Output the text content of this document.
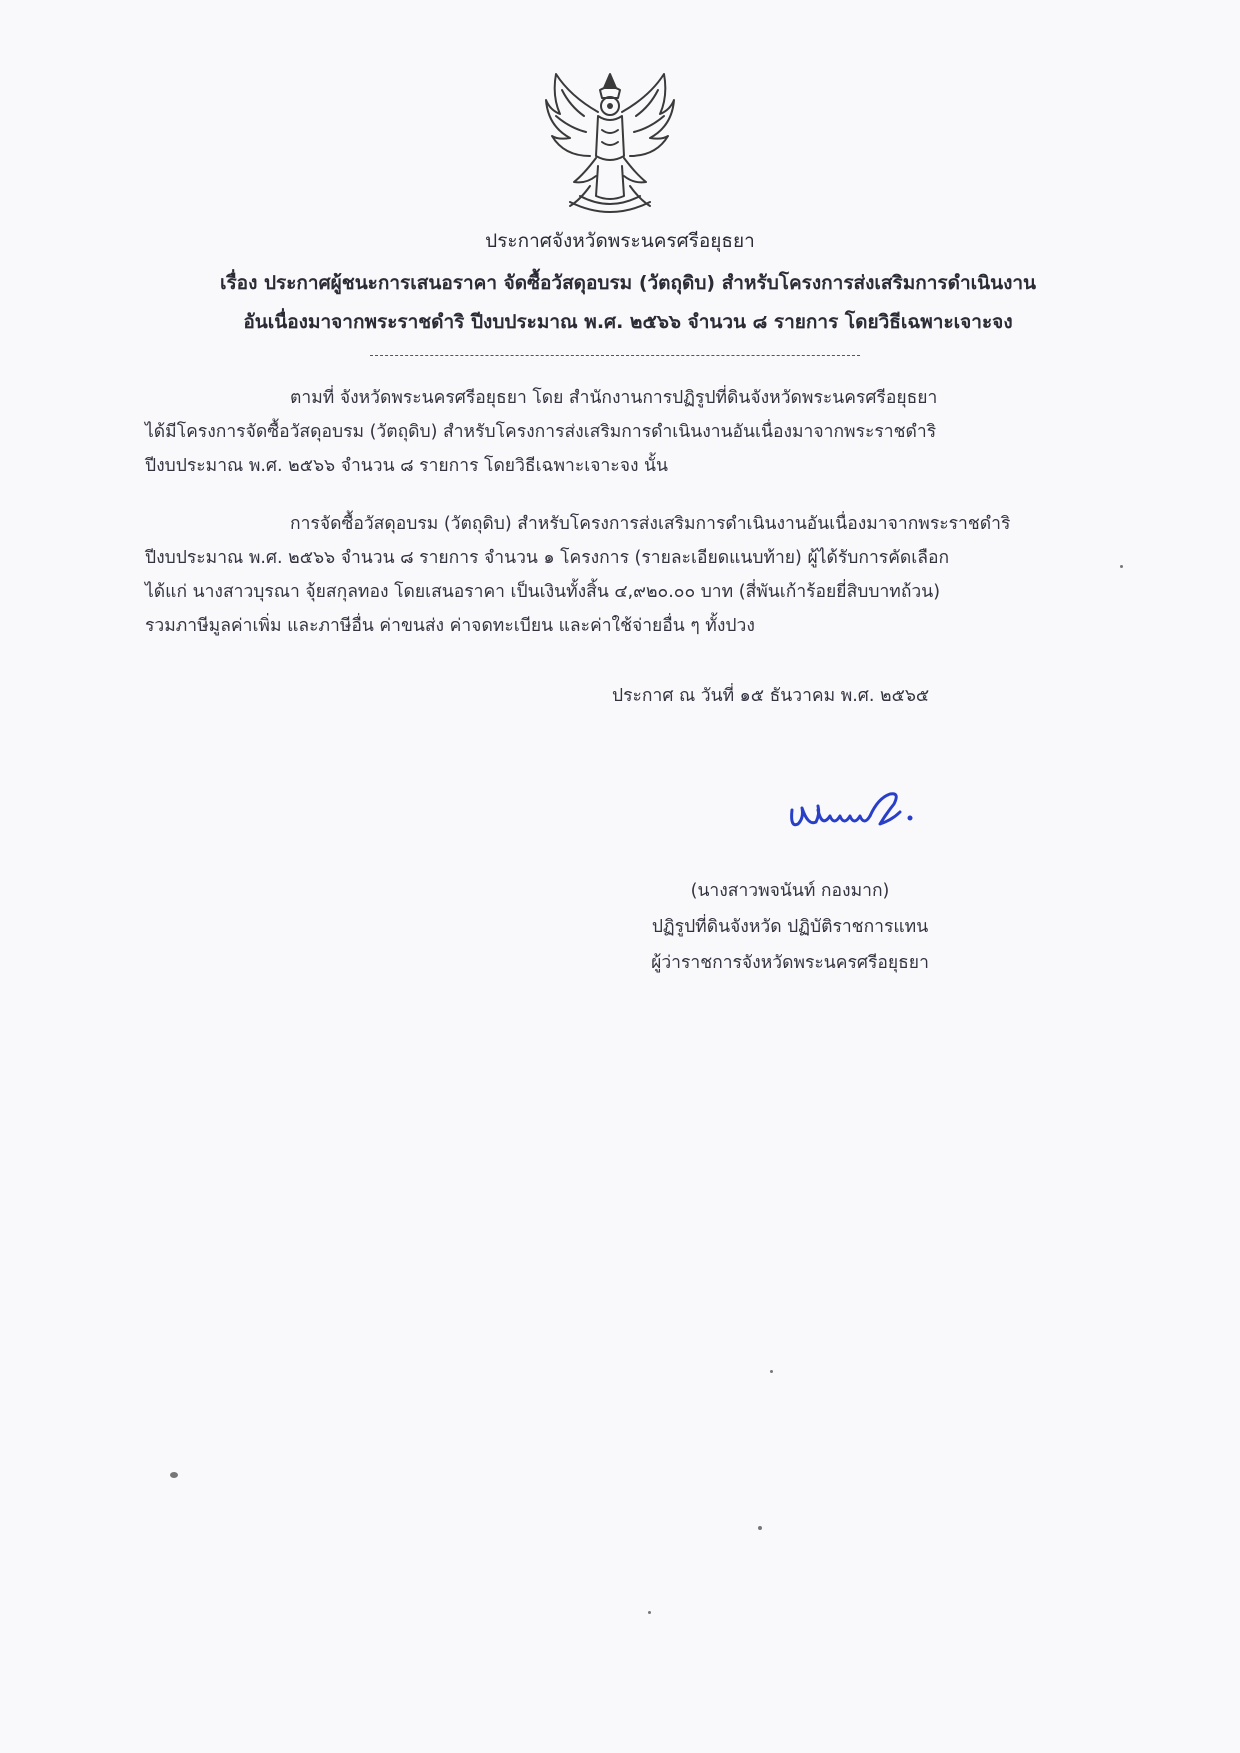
ประกาศจังหวัดพระนครศรีอยุธยา
เรื่อง ประกาศผู้ชนะการเสนอราคา จัดซื้อวัสดุอบรม (วัตถุดิบ) สำหรับโครงการส่งเสริมการดำเนินงาน
อันเนื่องมาจากพระราชดำริ ปีงบประมาณ พ.ศ. ๒๕๖๖ จำนวน ๘ รายการ โดยวิธีเฉพาะเจาะจง
ตามที่ จังหวัดพระนครศรีอยุธยา โดย สำนักงานการปฏิรูปที่ดินจังหวัดพระนครศรีอยุธยา
ได้มีโครงการจัดซื้อวัสดุอบรม (วัตถุดิบ) สำหรับโครงการส่งเสริมการดำเนินงานอันเนื่องมาจากพระราชดำริ
ปีงบประมาณ พ.ศ. ๒๕๖๖ จำนวน ๘ รายการ โดยวิธีเฉพาะเจาะจง นั้น
การจัดซื้อวัสดุอบรม (วัตถุดิบ) สำหรับโครงการส่งเสริมการดำเนินงานอันเนื่องมาจากพระราชดำริ
ปีงบประมาณ พ.ศ. ๒๕๖๖ จำนวน ๘ รายการ จำนวน ๑ โครงการ (รายละเอียดแนบท้าย) ผู้ได้รับการคัดเลือก
ได้แก่ นางสาวบุรณา จุ้ยสกุลทอง โดยเสนอราคา เป็นเงินทั้งสิ้น ๔,๙๒๐.๐๐ บาท (สี่พันเก้าร้อยยี่สิบบาทถ้วน)
รวมภาษีมูลค่าเพิ่ม และภาษีอื่น ค่าขนส่ง ค่าจดทะเบียน และค่าใช้จ่ายอื่น ๆ ทั้งปวง
ประกาศ ณ วันที่ ๑๕ ธันวาคม พ.ศ. ๒๕๖๕
(นางสาวพจนันท์ กองมาก)
ปฏิรูปที่ดินจังหวัด ปฏิบัติราชการแทน
ผู้ว่าราชการจังหวัดพระนครศรีอยุธยา
